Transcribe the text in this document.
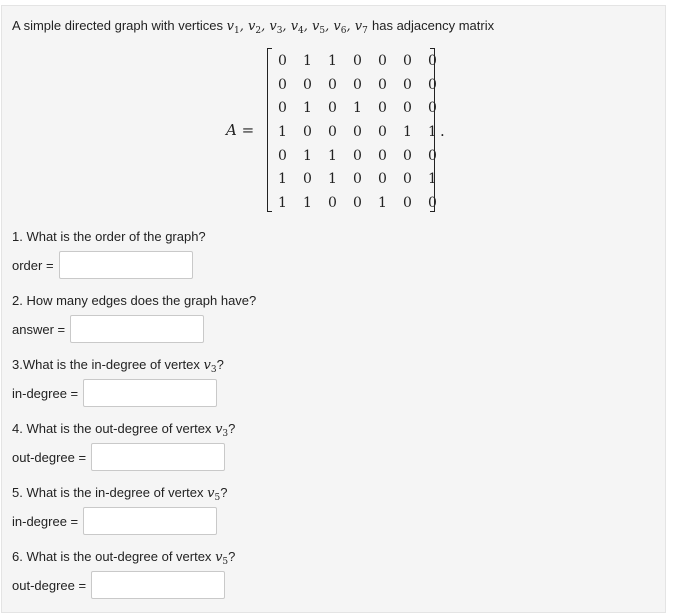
A simple directed graph with vertices $v_1$, $v_2$, $v_3$, $v_4$, $v_5$, $v_6$, $v_7$ has adjacency matrix
A =
0	1	1	0	0	0	0
0	0	0	0	0	0	0
0	1	0	1	0	0	0
1	0	0	0	0	1	1
0	1	1	0	0	0	0
1	0	1	0	0	0	1
1	1	0	0	1	0	0
.
1. What is the order of the graph?
order =
2. How many edges does the graph have?
answer =
3.What is the in-degree of vertex $v_3$?
in-degree =
4. What is the out-degree of vertex $v_3$?
out-degree =
5. What is the in-degree of vertex $v_5$?
in-degree =
6. What is the out-degree of vertex $v_5$?
out-degree =
